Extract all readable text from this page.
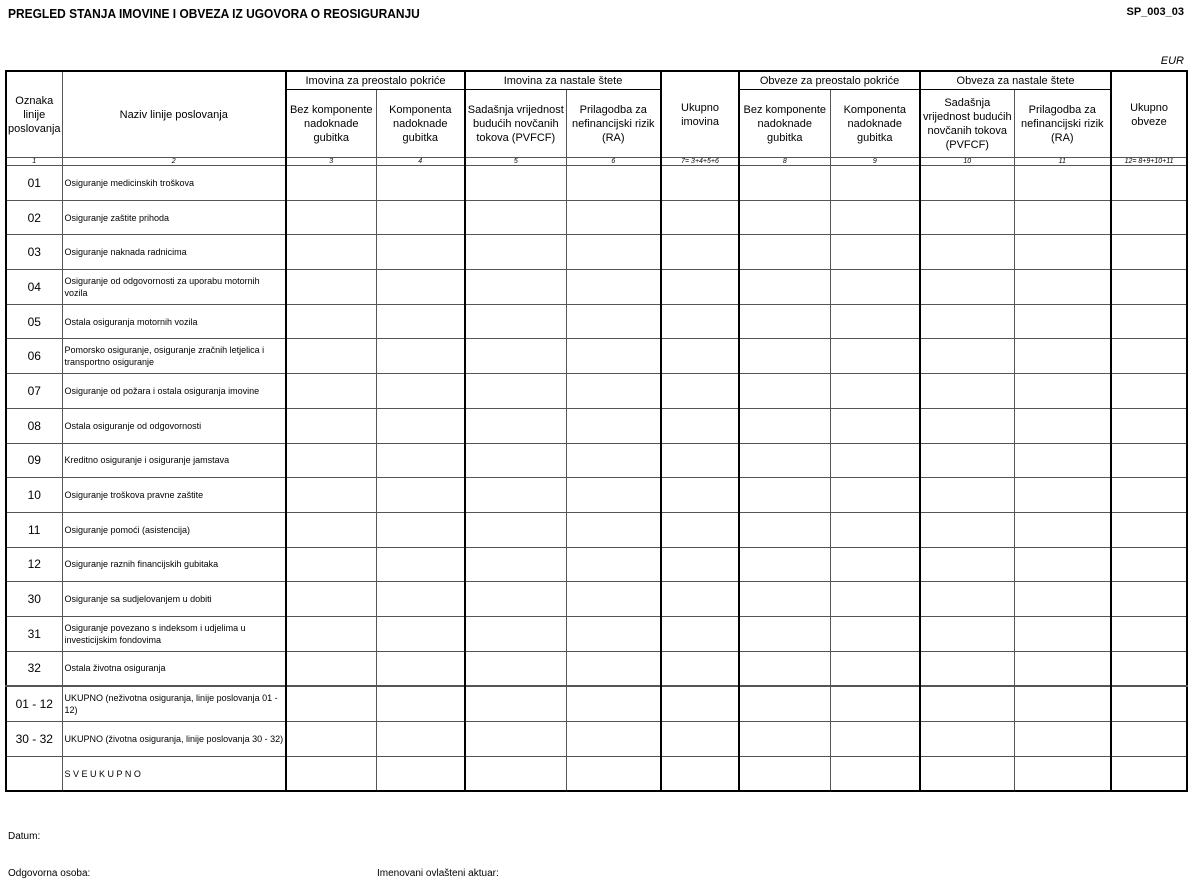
PREGLED STANJA IMOVINE I OBVEZA IZ UGOVORA O REOSIGURANJU	SP_003_03
EUR
Oznaka linije poslovanja	Naziv linije poslovanja	Imovina za preostalo pokriće		Imovina za nastale štete		Ukupno imovina	Obveze za preostalo pokriće		Obveza za nastale štete		Ukupno obveze
		Bez komponente nadoknade gubitka	Komponenta nadoknade gubitka	Sadašnja vrijednost budućih novčanih tokova (PVFCF)	Prilagodba za nefinancijski rizik (RA)		Bez komponente nadoknade gubitka	Komponenta nadoknade gubitka	Sadašnja vrijednost budućih novčanih tokova (PVFCF)	Prilagodba za nefinancijski rizik (RA)	
1	2	3	4	5	6	7= 3+4+5+6	8	9	10	11	12= 8+9+10+11
01	Osiguranje medicinskih troškova										
02	Osiguranje zaštite prihoda										
03	Osiguranje naknada radnicima										
04	Osiguranje od odgovornosti za uporabu motornih vozila										
05	Ostala osiguranja motornih vozila										
06	Pomorsko osiguranje, osiguranje zračnih letjelica i transportno osiguranje										
07	Osiguranje od požara i ostala osiguranja imovine										
08	Ostala osiguranje od odgovornosti										
09	Kreditno osiguranje i osiguranje jamstava										
10	Osiguranje troškova pravne zaštite										
11	Osiguranje pomoći (asistencija)										
12	Osiguranje raznih financijskih gubitaka										
30	Osiguranje sa sudjelovanjem u dobiti										
31	Osiguranje povezano s indeksom i udjelima u investicijskim fondovima										
32	Ostala životna osiguranja										
01 - 12	UKUPNO (neživotna osiguranja, linije poslovanja 01 - 12)										
30 - 32	UKUPNO (životna osiguranja, linije poslovanja 30 - 32)										
	S V E U K U P N O										
Datum:
Odgovorna osoba:	Imenovani ovlašteni aktuar:
